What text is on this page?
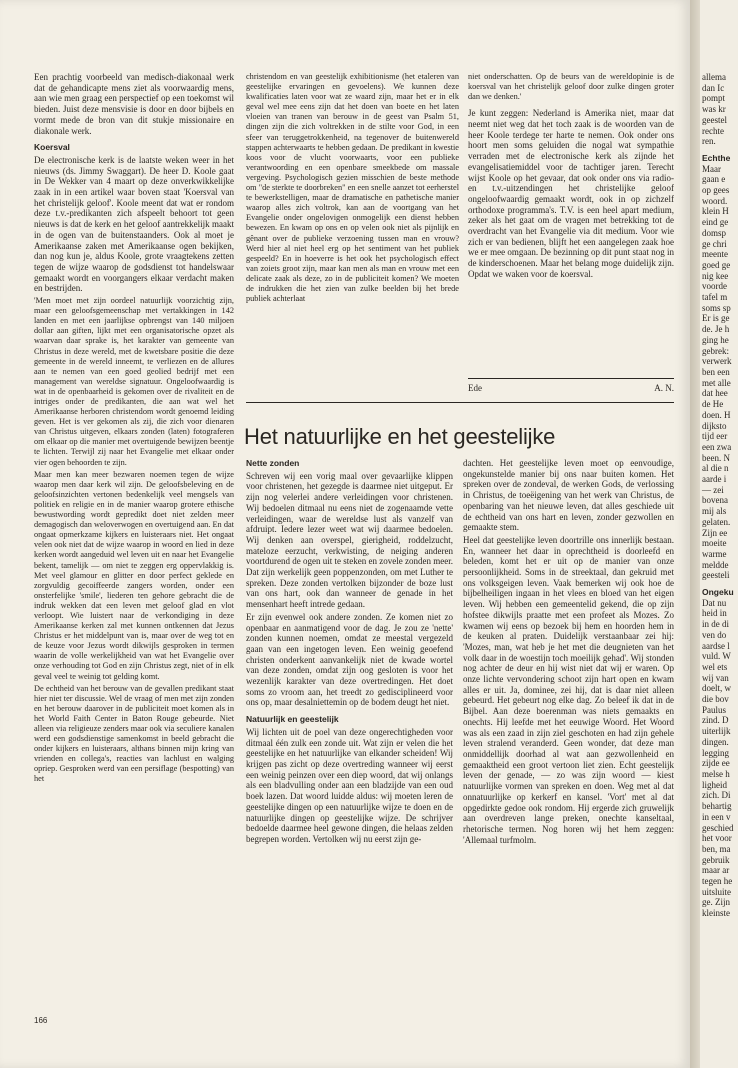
Een prachtig voorbeeld van medisch-diakonaal werk dat de gehandicapte mens ziet als voorwaardig mens, aan wie men graag een perspectief op een toekomst wil bieden. Juist deze mensvisie is door en door bijbels en vormt mede de bron van dit stukje missionaire en diakonale werk.

Koersval

De electronische kerk is de laatste weken weer in het nieuws (ds. Jimmy Swaggart). De heer D. Koole gaat in De Wekker van 4 maart op deze onverkwikkelijke zaak in in een artikel waar boven staat 'Koersval van het christelijk geloof'. Koole meent dat wat er rondom deze t.v.-predikanten zich afspeelt behoort tot geen nieuws is dat de kerk en het geloof aantrekkelijk maakt in de ogen van de buitenstaanders. Ook al moet je Amerikaanse zaken met Amerikaanse ogen bekijken, dan nog kun je, aldus Koole, grote vraagtekens zetten tegen de wijze waarop de godsdienst tot handelswaar gemaakt wordt en voorgangers elkaar verdacht maken en bestrijden.

'Men moet met zijn oordeel natuurlijk voorzichtig zijn, maar een geloofsgemeenschap met vertakkingen in 142 landen en met een jaarlijkse opbrengst van 140 miljoen dollar aan giften, lijkt met een organisatorische opzet als waarvan daar sprake is, het karakter van gemeente van Christus in deze wereld, met de kwetsbare positie die deze gemeente in de wereld inneemt, te verliezen en de allures aan te nemen van een goed geolied bedrijf met een management van wereldse signatuur. Ongeloofwaardig is wat in de openbaarheid is gekomen over de rivaliteit en de intriges onder de predikanten, die aan wat wel het Amerikaanse herboren christendom wordt genoemd leiding geven. Het is ver gekomen als zij, die zich voor dienaren van Christus uitgeven, elkaars zonden (laten) fotograferen om elkaar op die manier met overtuigende bewijzen beentje te lichten. Terwijl zij naar het Evangelie met elkaar onder vier ogen behoorden te zijn.

Maar men kan meer bezwaren noemen tegen de wijze waarop men daar kerk wil zijn. De geloofsbeleving en de geloofsinzichten vertonen bedenkelijk veel mengsels van politiek en religie en in de manier waarop grotere ethische bewustwording wordt gepredikt doet niet zelden meer demagogisch dan weloverwogen en overtuigend aan. En dat ongaat opmerkzame kijkers en luisteraars niet. Het ongaat velen ook niet dat de wijze waarop in woord en lied in deze kerken wordt aangeduid wel leven uit en naar het Evangelie bekent, tamelijk — om niet te zeggen erg oppervlakkig is. Met veel glamour en glitter en door perfect geklede en zorgvuldig gecoiffeerde zangers worden, onder een onsterfelijke 'smile', liederen ten gehore gebracht die de indruk wekken dat een leven met geloof glad en vlot verloopt. Wie luistert naar de verkondiging in deze Amerikaanse kerken zal met kunnen ontkennen dat Jezus Christus er het middelpunt van is, maar over de weg tot en de keuze voor Jezus wordt dikwijls gesproken in termen waarin de volle werkelijkheid van wat het Evangelie over onze verhouding tot God en zijn Christus zegt, niet of in elk geval veel te weinig tot gelding komt.

De echtheid van het berouw van de gevallen predikant staat hier niet ter discussie. Wel de vraag of men met zijn zonden en het berouw daarover in de publiciteit moet komen als in het World Faith Center in Baton Rouge gebeurde. Niet alleen via religieuze zenders maar ook via seculiere kanalen werd een godsdienstige samenkomst in beeld gebracht die onder kijkers en luisteraars, althans binnen mijn kring van vrienden en collega's, reacties van lachlust en walging opriep. Gesproken werd van een persiflage (bespotting) van het

christendom en van geestelijk exhibitionisme (het etaleren van geestelijke ervaringen en gevoelens). We kunnen deze kwalificaties laten voor wat ze waard zijn, maar het er in elk geval wel mee eens zijn dat het doen van boete en het laten vloeien van tranen van berouw in de geest van Psalm 51, dingen zijn die zich voltrekken in de stilte voor God, in een sfeer van teruggetrokkenheid, na tegenover de buitenwereld stappen achterwaarts te hebben gedaan. De predikant in kwestie koos voor de vlucht voorwaarts, voor een publieke verantwoording en een openbare smeekbede om massale vergeving. Psychologisch gezien misschien de beste methode om "de sterkte te doorbreken" en een snelle aanzet tot eerherstel te bewerkstelligen, maar de dramatische en pathetische manier waarop alles zich voltrok, kan aan de voortgang van het Evangelie onder ongelovigen onmogelijk een dienst hebben bewezen. En kwam op ons en op velen ook niet als pijnlijk en gênant over de publieke verzoening tussen man en vrouw? Werd hier al niet heel erg op het sentiment van het publiek gespeeld? En in hoeverre is het ook het psychologisch effect van zoiets groot zijn, maar kan men als man en vrouw met een delicate zaak als deze, zo in de publiciteit komen? We moeten de indrukken die het zien van zulke beelden bij het brede publiek achterlaat

niet onderschatten. Op de beurs van de wereldopinie is de koersval van het christelijk geloof door zulke dingen groter dan we denken.'

Je kunt zeggen: Nederland is Amerika niet, maar dat neemt niet weg dat het toch zaak is de woorden van de heer Koole terdege ter harte te nemen. Ook onder ons hoort men soms geluiden die nogal wat sympathie verraden met de electronische kerk als zijnde het evangelisatiemiddel voor de tachtiger jaren. Terecht wijst Koole op het gevaar, dat ook onder ons via radio- en t.v.-uitzendingen het christelijke geloof ongeloofwaardig gemaakt wordt, ook in op zichzelf orthodoxe programma's. T.V. is een heel apart medium, zeker als het gaat om de vragen met betrekking tot de overdracht van het Evangelie via dit medium. Voor wie zich er van bedienen, blijft het een aangelegen zaak hoe we er mee omgaan. De bezinning op dit punt staat nog in de kinderschoenen. Maar het belang moge duidelijk zijn. Opdat we waken voor de koersval.

Ede	A. N.
Het natuurlijke en het geestelijke
Nette zonden

Schreven wij een vorig maal over gevaarlijke klippen voor christenen, het gezegde is daarmee niet uitgeput. Er zijn nog velerlei andere verleidingen voor christenen. Wij bedoelen ditmaal nu eens niet de zogenaamde vette verleidingen, waar de wereldse lust als vanzelf van afdruipt. Iedere lezer weet wat wij daarmee bedoelen. Wij denken aan overspel, gierigheid, roddelzucht, mateloze eerzucht, verkwisting, de neiging anderen voortdurend de ogen uit te steken en zovele zonden meer. Dat zijn werkelijk geen poppenzonden, om met Luther te spreken. Deze zonden vertolken bijzonder de boze lust van ons hart, ook dan wanneer de genade in het mensenhart heeft intrede gedaan.

Er zijn evenwel ook andere zonden. Ze komen niet zo openbaar en aanmatigend voor de dag. Je zou ze 'nette' zonden kunnen noemen, omdat ze meestal vergezeld gaan van een ingetogen leven. Een weinig geoefend christen onderkent aanvankelijk niet de kwade wortel van deze zonden, omdat zijn oog gesloten is voor het wezenlijk karakter van deze overtredingen. Het doet soms zo vroom aan, het treedt zo gedisciplineerd voor ons op, maar desalniettemin op de bodem deugt het niet.

Natuurlijk en geestelijk

Wij lichten uit de poel van deze ongerechtigheden voor ditmaal één zulk een zonde uit. Wat zijn er velen die het geestelijke en het natuurlijke van elkander scheiden! Wij krijgen pas zicht op deze overtreding wanneer wij eerst een weinig peinzen over een diep woord, dat wij onlangs als een bladvulling onder aan een bladzijde van een oud boek lazen. Dat woord luidde aldus: wij moeten leren de geestelijke dingen op een natuurlijke wijze te doen en de natuurlijke dingen op geestelijke wijze. De schrijver bedoelde daarmee heel gewone dingen, die helaas zelden begrepen worden. Vertolken wij nu eerst zijn ge-

dachten. Het geestelijke leven moet op eenvoudige, ongekunstelde manier bij ons naar buiten komen. Het spreken over de zondeval, de werken Gods, de verlossing in Christus, de toeëigening van het werk van Christus, de openbaring van het nieuwe leven, dat alles geschiede uit de echtheid van ons hart en leven, zonder gezwollen en gemaakte stem.

Heel dat geestelijke leven doortrille ons innerlijk bestaan. En, wanneer het daar in oprechtheid is doorleefd en beleden, komt het er uit op de manier van onze persoonlijkheid. Soms in de streektaal, dan gekruid met ons volksgeigen leven. Vaak bemerken wij ook hoe de bijbelheiligen ingaan in het vlees en bloed van het eigen leven. Wij hebben een gemeentelid gekend, die op zijn hofstee dikwijls praatte met een profeet als Mozes. Zo kwamen wij eens op bezoek bij hem en hoorden hem in de keuken al praten. Duidelijk verstaanbaar zei hij: 'Mozes, man, wat heb je het met die deugnieten van het volk daar in de woestijn toch moeilijk gehad'. Wij stonden nog achter de deur en hij wist niet dat wij er waren. Op onze lichte vervondering schoot zijn hart open en kwam alles er uit. Ja, dominee, zei hij, dat is daar niet alleen gebeurd. Het gebeurt nog elke dag. Zo beleef ik dat in de Bijbel. Aan deze boerenman was niets gemaakts en onechts. Hij leefde met het eeuwige Woord. Het Woord was als een zaad in zijn ziel geschoten en had zijn gehele leven stralend veranderd. Geen wonder, dat deze man onmiddellijk doorhad al wat aan gezwollenheid en gemaaktheid een groot vertoon liet zien. Echt geestelijk leven der genade, — zo was zijn woord — kiest natuurlijke vormen van spreken en doen. Weg met al dat onnatuurlijke op kerkerf en kansel. 'Vort' met al dat opgedirkte gedoe ook rondom. Hij ergerde zich gruwelijk aan overdreven lange preken, onechte kanseltaal, rhetorische termen. Nog horen wij het hem zeggen: 'Allemaal turfmolm.

166
allema
dan Ic
pompt
was kr
geestel
rechte
ren.
Echthe
Maar
gaan e
op gees
woord.
klein H
eind ge
domsp
ge chri
meente
goed ge
nig kee
voorde
tafel m
soms sp
Er is ge
de. Je h
ging he
gebrek:
verwerk
ben een
met alle
dat hee
de He
doen. H
dijksto
tijd eer
een zwa
been. N
al die n
aarde i
— zei
bovena
mij als
gelaten.
Zijn ee
moeite
warme
meldde
geesteli
Ongeku
Dat nu
heid in
in de di
ven do
aardse l
vuld. W
wel ets
wij van
doelt, w
die bov
Paulus
zind. D
uiterlijk
dingen.
legging
zijde ee
melse h
ligheid
zich. Di
behartig
in een v
geschied
het voor
ben, ma
gebruik
maar ar
tegen he
uitsluite
ge. Zijn
kleinste
